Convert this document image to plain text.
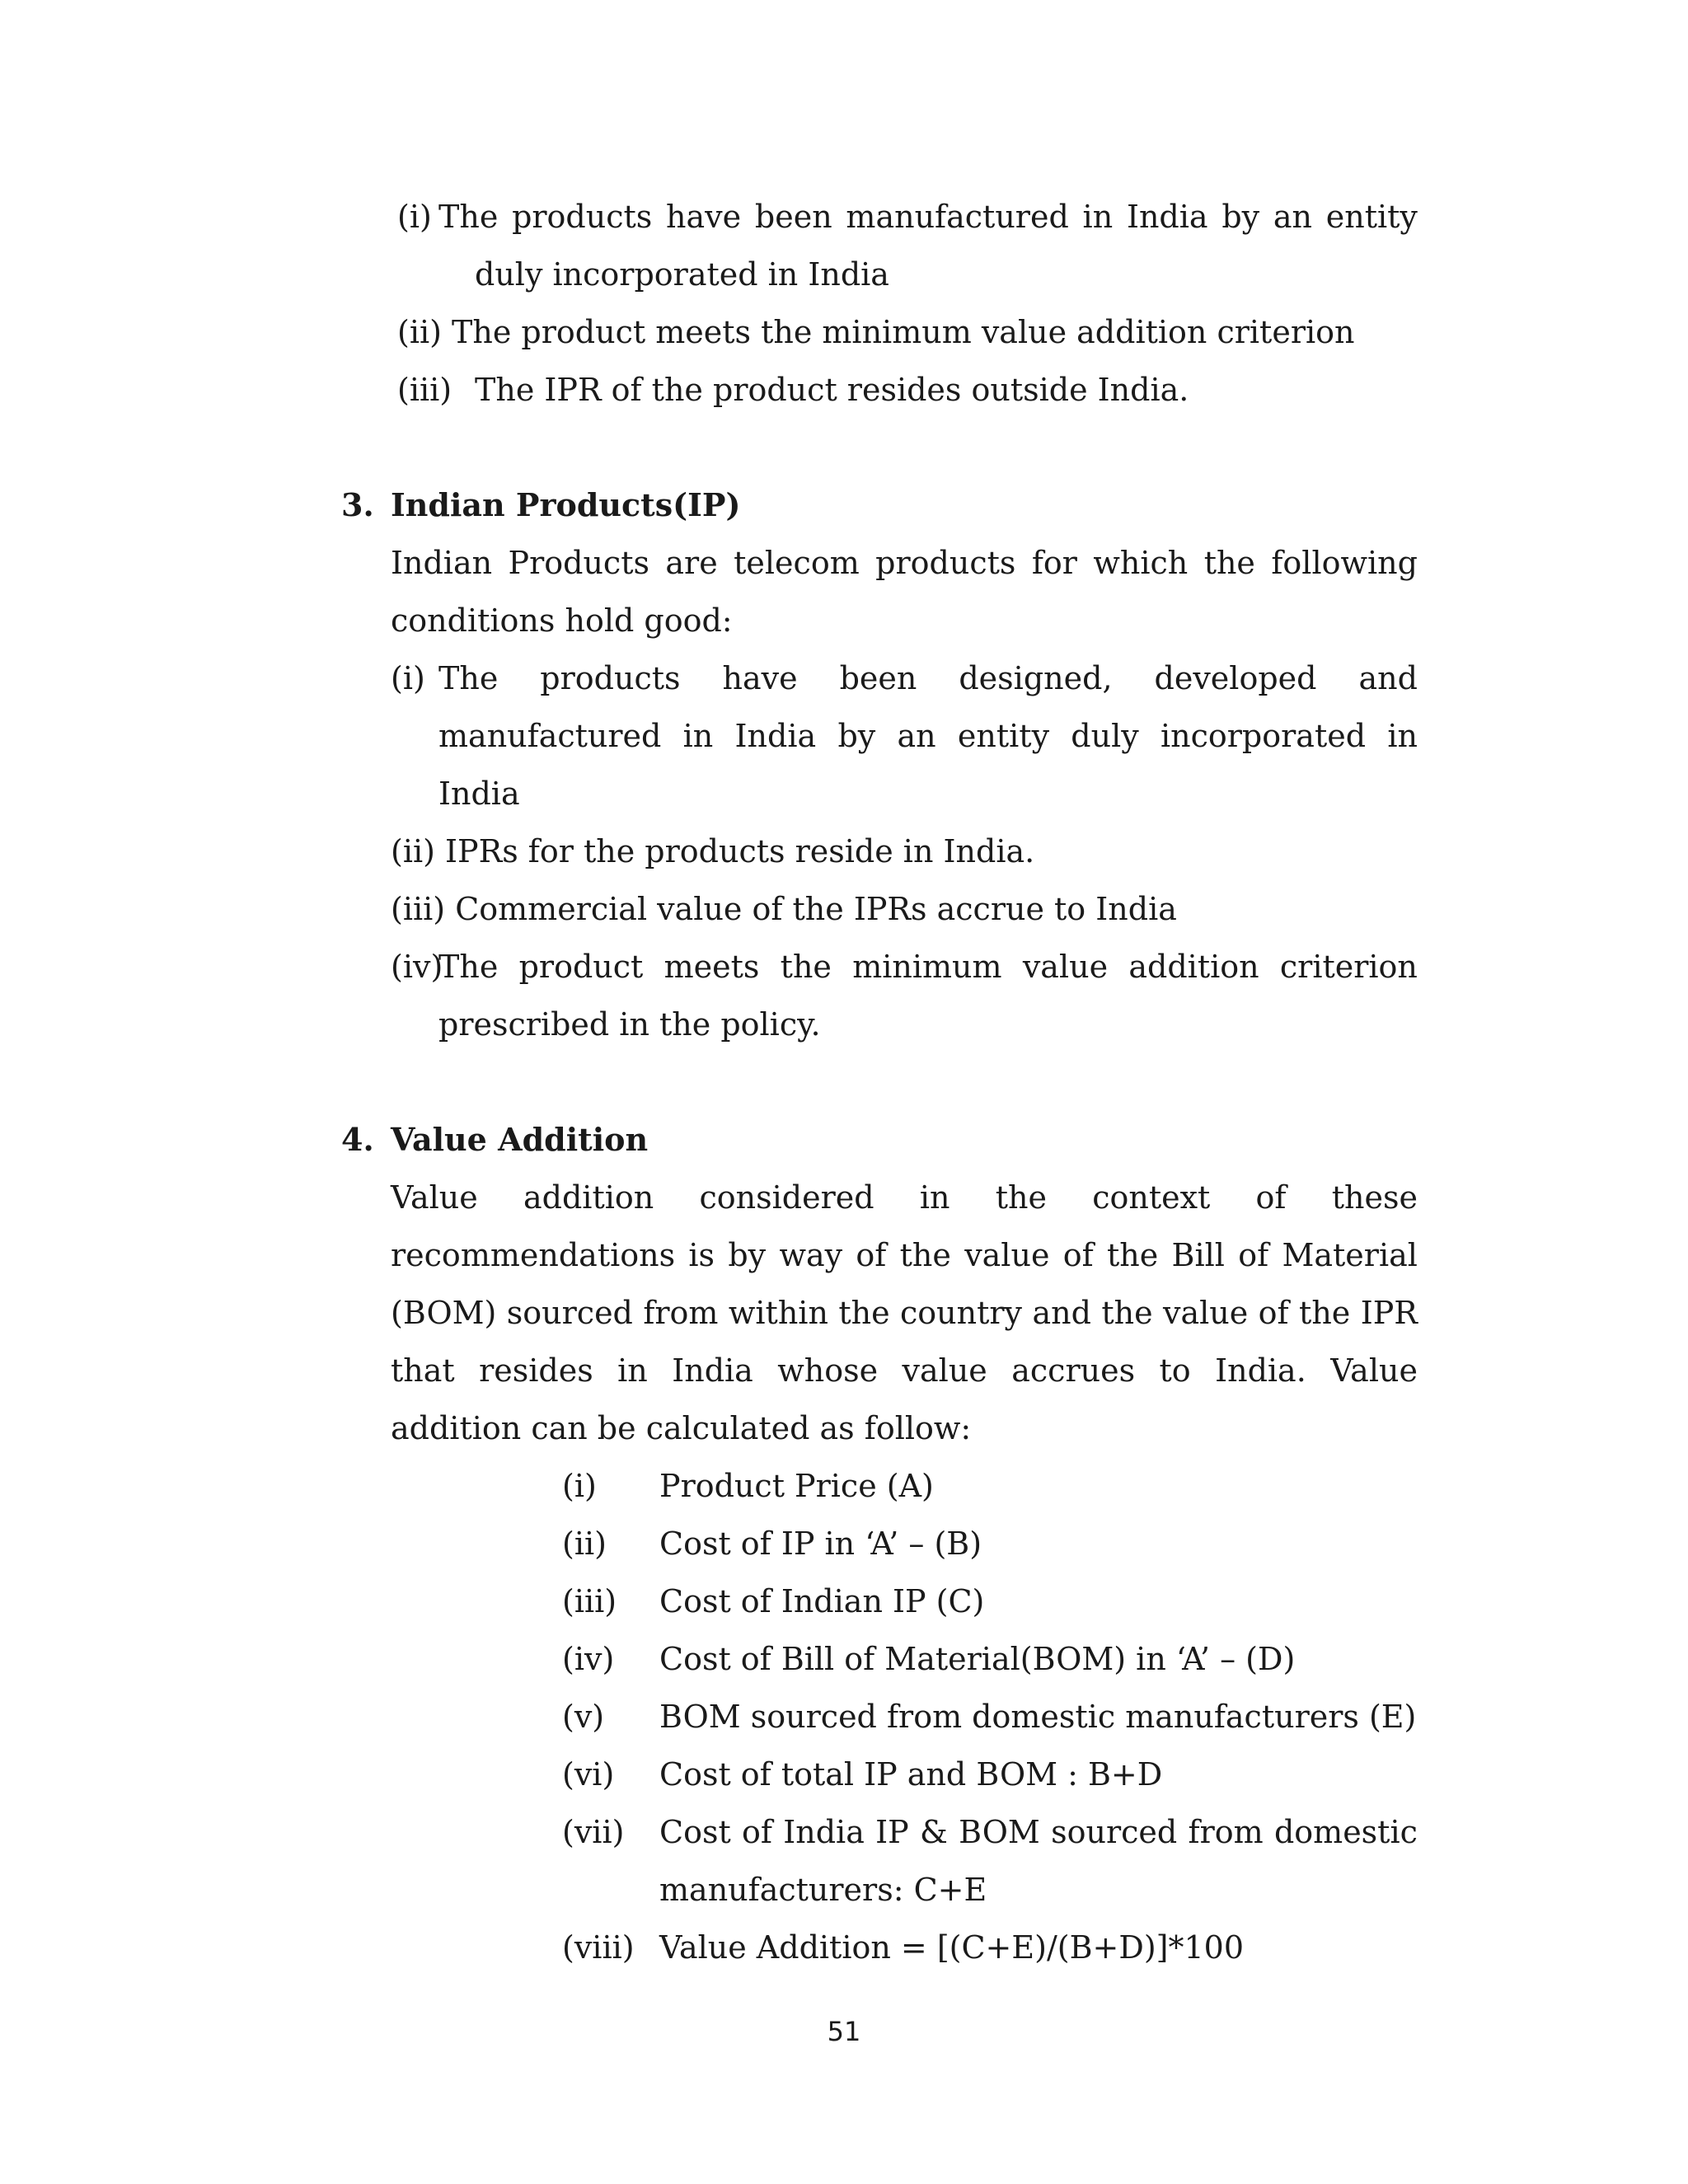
(i) The products have been manufactured in India by an entity
duly incorporated in India
(ii) The product meets the minimum value addition criterion
(iii) The IPR of the product resides outside India.
3. Indian Products(IP)
Indian Products are telecom products for which the following
conditions hold good:
(i) The products have been designed, developed and
manufactured in India by an entity duly incorporated in
India
(ii) IPRs for the products reside in India.
(iii) Commercial value of the IPRs accrue to India
(iv)
The product meets the minimum value addition criterion
prescribed in the policy.
4. Value Addition
Value addition considered in the context of these
recommendations is by way of the value of the Bill of Material
(BOM) sourced from within the country and the value of the IPR
that resides in India whose value accrues to India. Value
addition can be calculated as follow:
(i) Product Price (A)
(ii) Cost of IP in ‘A’ – (B)
(iii) Cost of Indian IP (C)
(iv) Cost of Bill of Material(BOM) in ‘A’ – (D)
(v) BOM sourced from domestic manufacturers (E)
(vi) Cost of total IP and BOM : B+D
(vii) Cost of India IP & BOM sourced from domestic
manufacturers: C+E
(viii) Value Addition = [(C+E)/(B+D)]*100
51
